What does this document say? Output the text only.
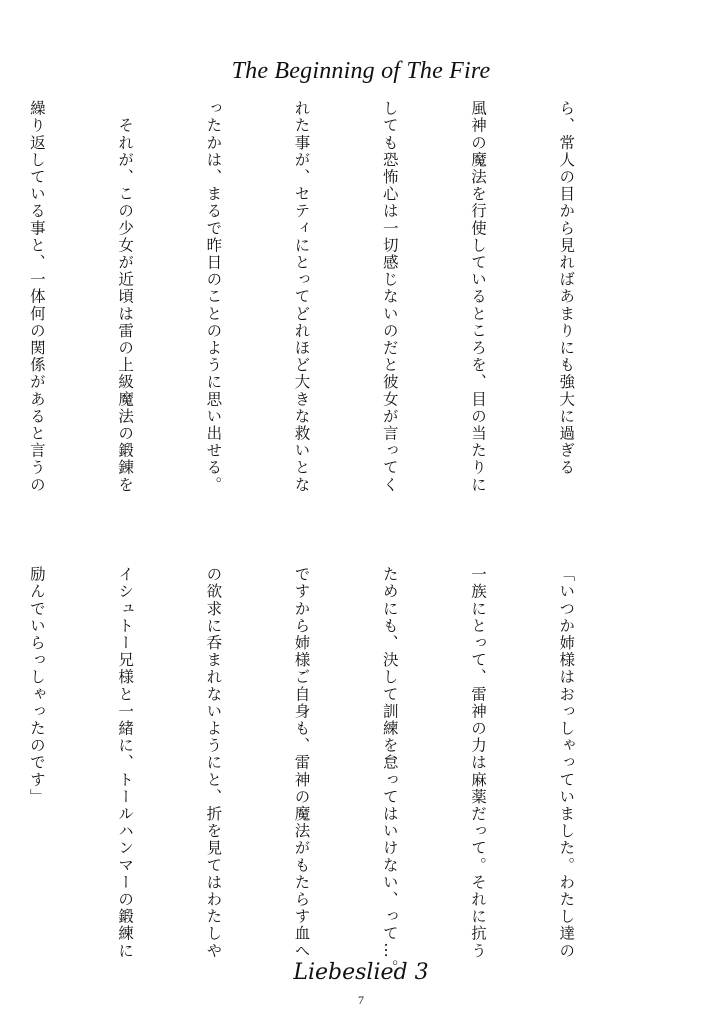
The Beginning of The Fire

ら、常人の目から見ればあまりにも強大に過ぎる

風神の魔法を行使しているところを、目の当たりに

しても恐怖心は一切感じないのだと彼女が言ってく

れた事が、セティにとってどれほど大きな救いとな

ったかは、まるで昨日のことのように思い出せる。

　それが、この少女が近頃は雷の上級魔法の鍛錬を

繰り返している事と、一体何の関係があると言うの

「いつか姉様はおっしゃっていました。わたし達の

一族にとって、雷神の力は麻薬だって。それに抗う

ためにも、決して訓練を怠ってはいけない、って…。

ですから姉様ご自身も、雷神の魔法がもたらす血へ

の欲求に呑まれないようにと、折を見てはわたしや

イシュトー兄様と一緒に、トールハンマーの鍛練に

励んでいらっしゃったのです」

Liebeslied 3
7
